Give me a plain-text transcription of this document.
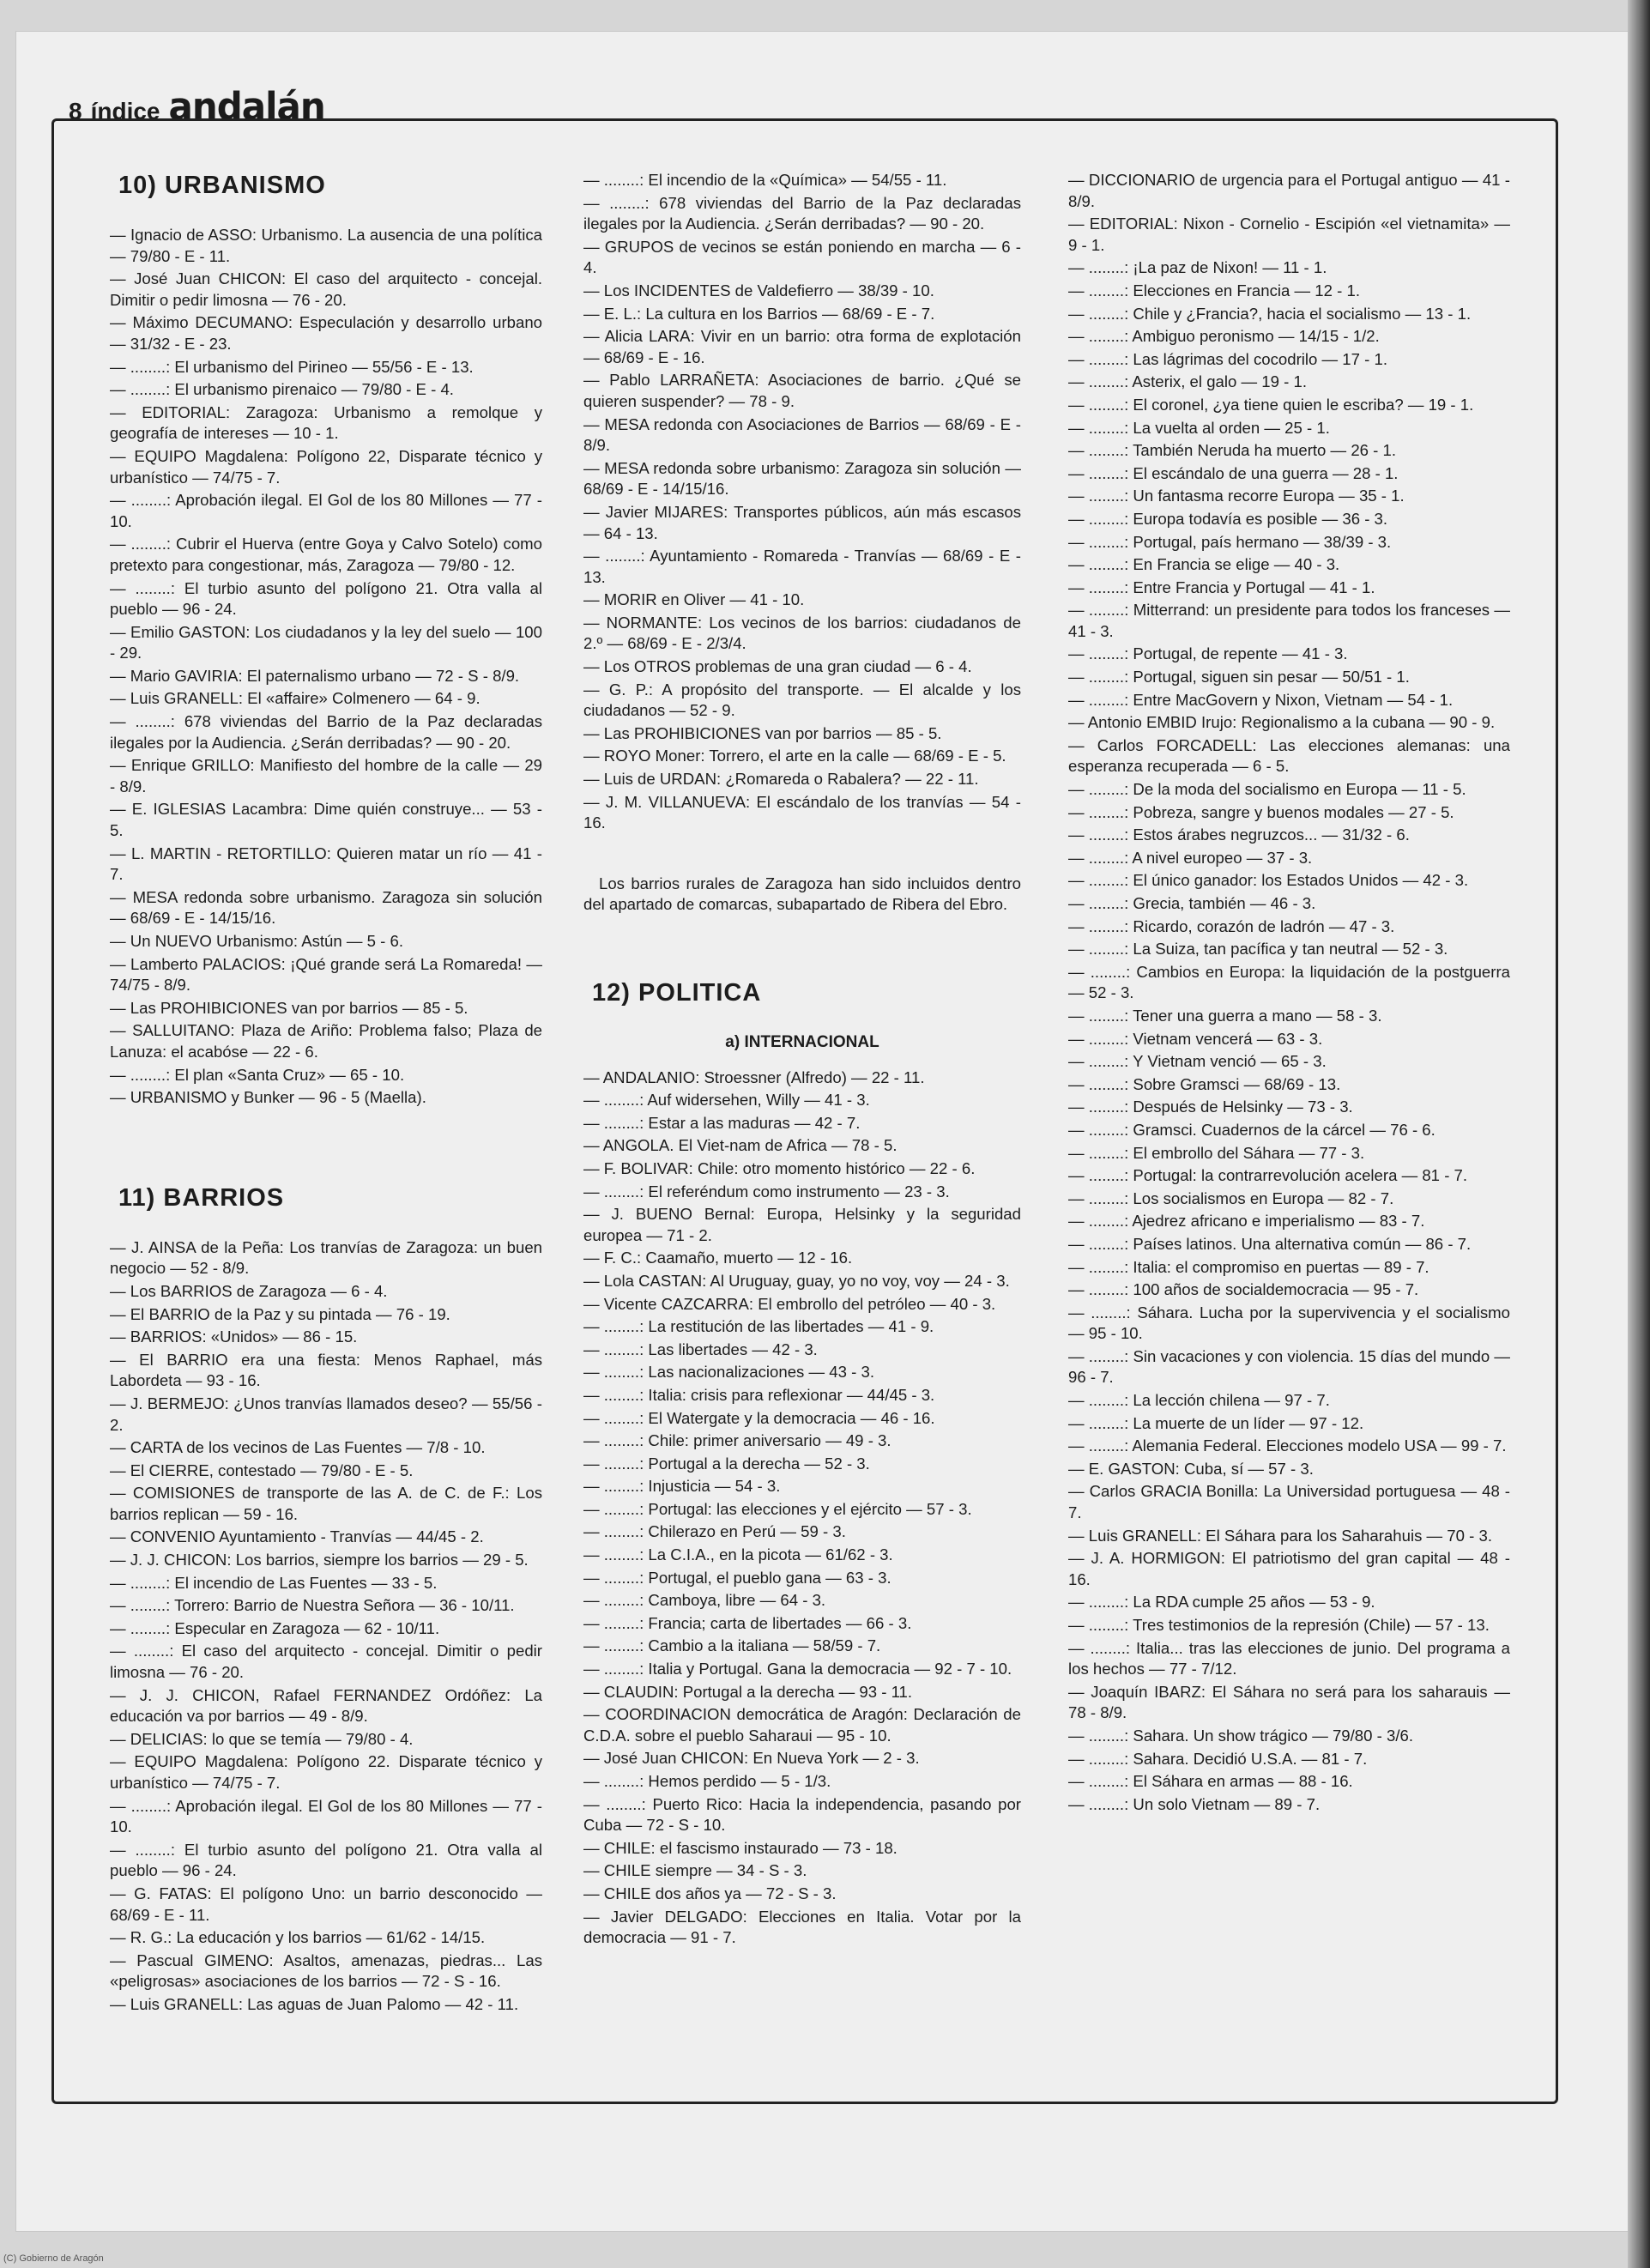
8 índice andalán
10) URBANISMO
— Ignacio de ASSO: Urbanismo. La ausencia de una política — 79/80 - E - 11.
— José Juan CHICON: El caso del arquitecto - concejal. Dimitir o pedir limosna — 76 - 20.
— Máximo DECUMANO: Especulación y desarrollo urbano — 31/32 - E - 23.
— ........: El urbanismo del Pirineo — 55/56 - E - 13.
— ........: El urbanismo pirenaico — 79/80 - E - 4.
— EDITORIAL: Zaragoza: Urbanismo a remolque y geografía de intereses — 10 - 1.
— EQUIPO Magdalena: Polígono 22, Disparate técnico y urbanístico — 74/75 - 7.
— ........: Aprobación ilegal. El Gol de los 80 Millones — 77 - 10.
— ........: Cubrir el Huerva (entre Goya y Calvo Sotelo) como pretexto para congestionar, más, Zaragoza — 79/80 - 12.
— ........: El turbio asunto del polígono 21. Otra valla al pueblo — 96 - 24.
— Emilio GASTON: Los ciudadanos y la ley del suelo — 100 - 29.
— Mario GAVIRIA: El paternalismo urbano — 72 - S - 8/9.
— Luis GRANELL: El «affaire» Colmenero — 64 - 9.
— ........: 678 viviendas del Barrio de la Paz declaradas ilegales por la Audiencia. ¿Serán derribadas? — 90 - 20.
— Enrique GRILLO: Manifiesto del hombre de la calle — 29 - 8/9.
— E. IGLESIAS Lacambra: Dime quién construye... — 53 - 5.
— L. MARTIN - RETORTILLO: Quieren matar un río — 41 - 7.
— MESA redonda sobre urbanismo. Zaragoza sin solución — 68/69 - E - 14/15/16.
— Un NUEVO Urbanismo: Astún — 5 - 6.
— Lamberto PALACIOS: ¡Qué grande será La Romareda! — 74/75 - 8/9.
— Las PROHIBICIONES van por barrios — 85 - 5.
— SALLUITANO: Plaza de Ariño: Problema falso; Plaza de Lanuza: el acabóse — 22 - 6.
— ........: El plan «Santa Cruz» — 65 - 10.
— URBANISMO y Bunker — 96 - 5 (Maella).
11) BARRIOS
— J. AINSA de la Peña: Los tranvías de Zaragoza: un buen negocio — 52 - 8/9.
— Los BARRIOS de Zaragoza — 6 - 4.
— El BARRIO de la Paz y su pintada — 76 - 19.
— BARRIOS: «Unidos» — 86 - 15.
— El BARRIO era una fiesta: Menos Raphael, más Labordeta — 93 - 16.
— J. BERMEJO: ¿Unos tranvías llamados deseo? — 55/56 - 2.
— CARTA de los vecinos de Las Fuentes — 7/8 - 10.
— El CIERRE, contestado — 79/80 - E - 5.
— COMISIONES de transporte de las A. de C. de F.: Los barrios replican — 59 - 16.
— CONVENIO Ayuntamiento - Tranvías — 44/45 - 2.
— J. J. CHICON: Los barrios, siempre los barrios — 29 - 5.
— ........: El incendio de Las Fuentes — 33 - 5.
— ........: Torrero: Barrio de Nuestra Señora — 36 - 10/11.
— ........: Especular en Zaragoza — 62 - 10/11.
— ........: El caso del arquitecto - concejal. Dimitir o pedir limosna — 76 - 20.
— J. J. CHICON, Rafael FERNANDEZ Ordóñez: La educación va por barrios — 49 - 8/9.
— DELICIAS: lo que se temía — 79/80 - 4.
— EQUIPO Magdalena: Polígono 22. Disparate técnico y urbanístico — 74/75 - 7.
— ........: Aprobación ilegal. El Gol de los 80 Millones — 77 - 10.
— ........: El turbio asunto del polígono 21. Otra valla al pueblo — 96 - 24.
— G. FATAS: El polígono Uno: un barrio desconocido — 68/69 - E - 11.
— R. G.: La educación y los barrios — 61/62 - 14/15.
— Pascual GIMENO: Asaltos, amenazas, piedras... Las «peligrosas» asociaciones de los barrios — 72 - S - 16.
— Luis GRANELL: Las aguas de Juan Palomo — 42 - 11.
— ........: El incendio de la «Química» — 54/55 - 11.
— ........: 678 viviendas del Barrio de la Paz declaradas ilegales por la Audiencia. ¿Serán derribadas? — 90 - 20.
— GRUPOS de vecinos se están poniendo en marcha — 6 - 4.
— Los INCIDENTES de Valdefierro — 38/39 - 10.
— E. L.: La cultura en los Barrios — 68/69 - E - 7.
— Alicia LARA: Vivir en un barrio: otra forma de explotación — 68/69 - E - 16.
— Pablo LARRAÑETA: Asociaciones de barrio. ¿Qué se quieren suspender? — 78 - 9.
— MESA redonda con Asociaciones de Barrios — 68/69 - E - 8/9.
— MESA redonda sobre urbanismo: Zaragoza sin solución — 68/69 - E - 14/15/16.
— Javier MIJARES: Transportes públicos, aún más escasos — 64 - 13.
— ........: Ayuntamiento - Romareda - Tranvías — 68/69 - E - 13.
— MORIR en Oliver — 41 - 10.
— NORMANTE: Los vecinos de los barrios: ciudadanos de 2.º — 68/69 - E - 2/3/4.
— Los OTROS problemas de una gran ciudad — 6 - 4.
— G. P.: A propósito del transporte. — El alcalde y los ciudadanos — 52 - 9.
— Las PROHIBICIONES van por barrios — 85 - 5.
— ROYO Moner: Torrero, el arte en la calle — 68/69 - E - 5.
— Luis de URDAN: ¿Romareda o Rabalera? — 22 - 11.
— J. M. VILLANUEVA: El escándalo de los tranvías — 54 - 16.
Los barrios rurales de Zaragoza han sido incluidos dentro del apartado de comarcas, subapartado de Ribera del Ebro.
12) POLITICA
a) INTERNACIONAL
— ANDALANIO: Stroessner (Alfredo) — 22 - 11.
— ........: Auf widersehen, Willy — 41 - 3.
— ........: Estar a las maduras — 42 - 7.
— ANGOLA. El Viet-nam de Africa — 78 - 5.
— F. BOLIVAR: Chile: otro momento histórico — 22 - 6.
— ........: El referéndum como instrumento — 23 - 3.
— J. BUENO Bernal: Europa, Helsinky y la seguridad europea — 71 - 2.
— F. C.: Caamaño, muerto — 12 - 16.
— Lola CASTAN: Al Uruguay, guay, yo no voy, voy — 24 - 3.
— Vicente CAZCARRA: El embrollo del petróleo — 40 - 3.
— ........: La restitución de las libertades — 41 - 9.
— ........: Las libertades — 42 - 3.
— ........: Las nacionalizaciones — 43 - 3.
— ........: Italia: crisis para reflexionar — 44/45 - 3.
— ........: El Watergate y la democracia — 46 - 16.
— ........: Chile: primer aniversario — 49 - 3.
— ........: Portugal a la derecha — 52 - 3.
— ........: Injusticia — 54 - 3.
— ........: Portugal: las elecciones y el ejército — 57 - 3.
— ........: Chilerazo en Perú — 59 - 3.
— ........: La C.I.A., en la picota — 61/62 - 3.
— ........: Portugal, el pueblo gana — 63 - 3.
— ........: Camboya, libre — 64 - 3.
— ........: Francia; carta de libertades — 66 - 3.
— ........: Cambio a la italiana — 58/59 - 7.
— ........: Italia y Portugal. Gana la democracia — 92 - 7 - 10.
— CLAUDIN: Portugal a la derecha — 93 - 11.
— COORDINACION democrática de Aragón: Declaración de C.D.A. sobre el pueblo Saharaui — 95 - 10.
— José Juan CHICON: En Nueva York — 2 - 3.
— ........: Hemos perdido — 5 - 1/3.
— ........: Puerto Rico: Hacia la independencia, pasando por Cuba — 72 - S - 10.
— CHILE: el fascismo instaurado — 73 - 18.
— CHILE siempre — 34 - S - 3.
— CHILE dos años ya — 72 - S - 3.
— Javier DELGADO: Elecciones en Italia. Votar por la democracia — 91 - 7.
— DICCIONARIO de urgencia para el Portugal antiguo — 41 - 8/9.
— EDITORIAL: Nixon - Cornelio - Escipión «el vietnamita» — 9 - 1.
— ........: ¡La paz de Nixon! — 11 - 1.
— ........: Elecciones en Francia — 12 - 1.
— ........: Chile y ¿Francia?, hacia el socialismo — 13 - 1.
— ........: Ambiguo peronismo — 14/15 - 1/2.
— ........: Las lágrimas del cocodrilo — 17 - 1.
— ........: Asterix, el galo — 19 - 1.
— ........: El coronel, ¿ya tiene quien le escriba? — 19 - 1.
— ........: La vuelta al orden — 25 - 1.
— ........: También Neruda ha muerto — 26 - 1.
— ........: El escándalo de una guerra — 28 - 1.
— ........: Un fantasma recorre Europa — 35 - 1.
— ........: Europa todavía es posible — 36 - 3.
— ........: Portugal, país hermano — 38/39 - 3.
— ........: En Francia se elige — 40 - 3.
— ........: Entre Francia y Portugal — 41 - 1.
— ........: Mitterrand: un presidente para todos los franceses — 41 - 3.
— ........: Portugal, de repente — 41 - 3.
— ........: Portugal, siguen sin pesar — 50/51 - 1.
— ........: Entre MacGovern y Nixon, Vietnam — 54 - 1.
— Antonio EMBID Irujo: Regionalismo a la cubana — 90 - 9.
— Carlos FORCADELL: Las elecciones alemanas: una esperanza recuperada — 6 - 5.
— ........: De la moda del socialismo en Europa — 11 - 5.
— ........: Pobreza, sangre y buenos modales — 27 - 5.
— ........: Estos árabes negruzcos... — 31/32 - 6.
— ........: A nivel europeo — 37 - 3.
— ........: El único ganador: los Estados Unidos — 42 - 3.
— ........: Grecia, también — 46 - 3.
— ........: Ricardo, corazón de ladrón — 47 - 3.
— ........: La Suiza, tan pacífica y tan neutral — 52 - 3.
— ........: Cambios en Europa: la liquidación de la postguerra — 52 - 3.
— ........: Tener una guerra a mano — 58 - 3.
— ........: Vietnam vencerá — 63 - 3.
— ........: Y Vietnam venció — 65 - 3.
— ........: Sobre Gramsci — 68/69 - 13.
— ........: Después de Helsinky — 73 - 3.
— ........: Gramsci. Cuadernos de la cárcel — 76 - 6.
— ........: El embrollo del Sáhara — 77 - 3.
— ........: Portugal: la contrarrevolución acelera — 81 - 7.
— ........: Los socialismos en Europa — 82 - 7.
— ........: Ajedrez africano e imperialismo — 83 - 7.
— ........: Países latinos. Una alternativa común — 86 - 7.
— ........: Italia: el compromiso en puertas — 89 - 7.
— ........: 100 años de socialdemocracia — 95 - 7.
— ........: Sáhara. Lucha por la supervivencia y el socialismo — 95 - 10.
— ........: Sin vacaciones y con violencia. 15 días del mundo — 96 - 7.
— ........: La lección chilena — 97 - 7.
— ........: La muerte de un líder — 97 - 12.
— ........: Alemania Federal. Elecciones modelo USA — 99 - 7.
— E. GASTON: Cuba, sí — 57 - 3.
— Carlos GRACIA Bonilla: La Universidad portuguesa — 48 - 7.
— Luis GRANELL: El Sáhara para los Saharahuis — 70 - 3.
— J. A. HORMIGON: El patriotismo del gran capital — 48 - 16.
— ........: La RDA cumple 25 años — 53 - 9.
— ........: Tres testimonios de la represión (Chile) — 57 - 13.
— ........: Italia... tras las elecciones de junio. Del programa a los hechos — 77 - 7/12.
— Joaquín IBARZ: El Sáhara no será para los saharauis — 78 - 8/9.
— ........: Sahara. Un show trágico — 79/80 - 3/6.
— ........: Sahara. Decidió U.S.A. — 81 - 7.
— ........: El Sáhara en armas — 88 - 16.
— ........: Un solo Vietnam — 89 - 7.
(C) Gobierno de Aragón
